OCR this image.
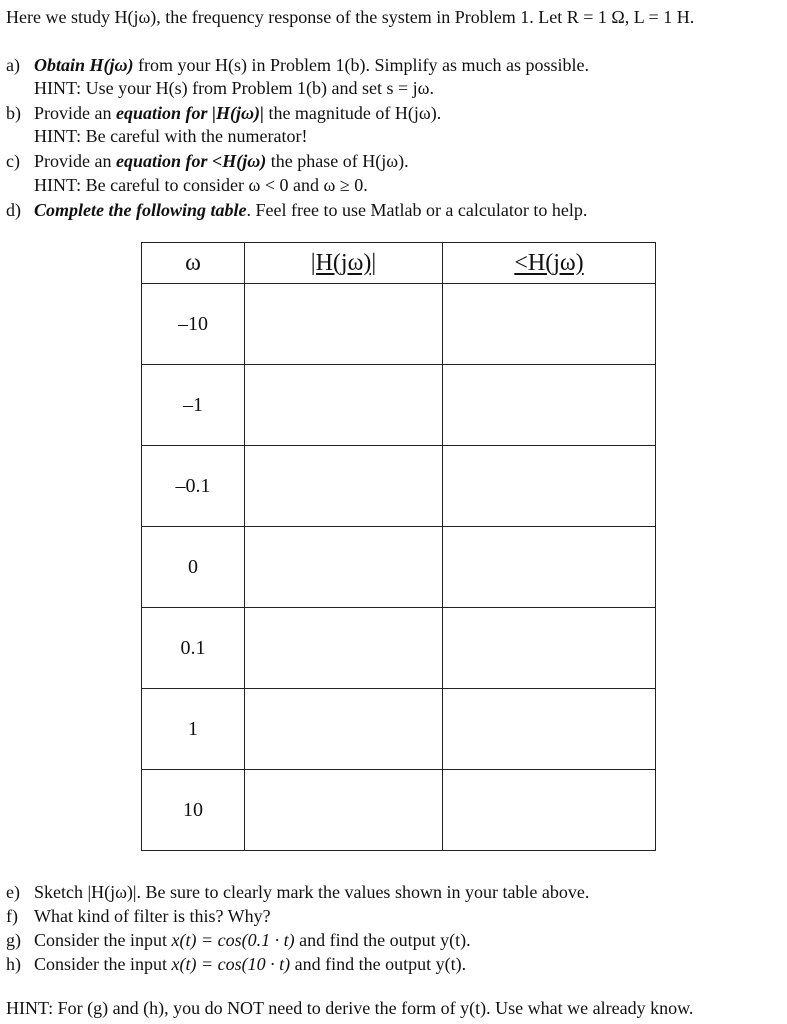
Here we study H(jω), the frequency response of the system in Problem 1. Let R = 1 Ω, L = 1 H.
a) Obtain H(jω) from your H(s) in Problem 1(b). Simplify as much as possible.
HINT: Use your H(s) from Problem 1(b) and set s = jω.
b) Provide an equation for |H(jω)| the magnitude of H(jω).
HINT: Be careful with the numerator!
c) Provide an equation for <H(jω) the phase of H(jω).
HINT: Be careful to consider ω < 0 and ω ≥ 0.
d) Complete the following table. Feel free to use Matlab or a calculator to help.
ω	|H(jω)|	<H(jω)
–10		
–1		
–0.1		
0		
0.1		
1		
10		
e) Sketch |H(jω)|. Be sure to clearly mark the values shown in your table above.
f) What kind of filter is this? Why?
g) Consider the input x(t) = cos(0.1 · t) and find the output y(t).
h) Consider the input x(t) = cos(10 · t) and find the output y(t).
HINT: For (g) and (h), you do NOT need to derive the form of y(t). Use what we already know.
